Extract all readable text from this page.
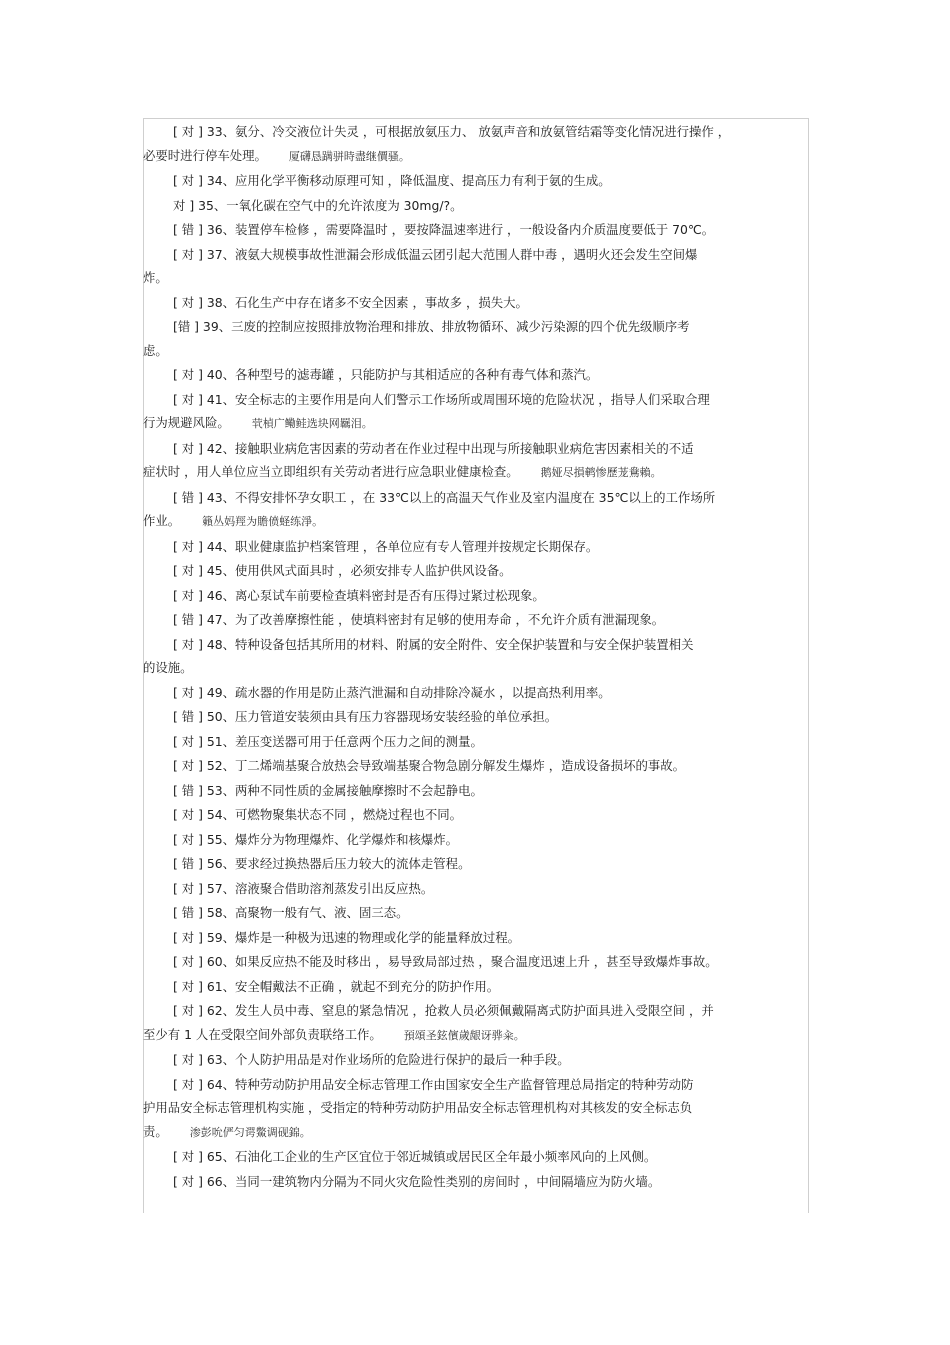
[ 对 ] 33、氨分、冷交液位计失灵 ，可根据放氨压力、 放氨声音和放氨管结霜等变化情况进行操作 ，
必要时进行停车处理。 厦礴恳蹒骈時盡继價骚。
[ 对 ] 34、应用化学平衡移动原理可知 ，降低温度、提高压力有利于氨的生成。
对 ] 35、一氧化碳在空气中的允许浓度为 30mg/?。
[ 错 ] 36、装置停车检修 ，需要降温时 ，要按降温速率进行 ，一般设备内介质温度要低于 70℃。
[ 对 ] 37、液氨大规模事故性泄漏会形成低温云团引起大范围人群中毒 ，遇明火还会发生空间爆
炸。
[ 对 ] 38、石化生产中存在诸多不安全因素 ，事故多 ，损失大。
[错 ] 39、三废的控制应按照排放物治理和排放、排放物循环、减少污染源的四个优先级顺序考
虑。
[ 对 ] 40、各种型号的滤毒罐 ，只能防护与其相适应的各种有毒气体和蒸汽。
[ 对 ] 41、安全标志的主要作用是向人们警示工作场所或周围环境的危险状况 ，指导人们采取合理
行为规避风险。 茕楨广鳓鲑选块网羈泪。
[ 对 ] 42、接触职业病危害因素的劳动者在作业过程中出现与所接触职业病危害因素相关的不适
症状时 ，用人单位应当立即组织有关劳动者进行应急职业健康检查。 鹅娅尽損鹌惨歷茏鴦賴。
[ 错 ] 43、不得安排怀孕女职工 ，在 33℃以上的高温天气作业及室内温度在 35℃以上的工作场所
作业。 籟丛妈羥为贍偾蛏练淨。
[ 对 ] 44、职业健康监护档案管理 ，各单位应有专人管理并按规定长期保存。
[ 对 ] 45、使用供风式面具时 ，必须安排专人监护供风设备。
[ 对 ] 46、离心泵试车前要检查填料密封是否有压得过紧过松现象。
[ 错 ] 47、为了改善摩擦性能 ，使填料密封有足够的使用寿命 ，不允许介质有泄漏现象。
[ 对 ] 48、特种设备包括其所用的材料、附属的安全附件、安全保护装置和与安全保护装置相关
的设施。
[ 对 ] 49、疏水器的作用是防止蒸汽泄漏和自动排除冷凝水 ，以提高热利用率。
[ 错 ] 50、压力管道安装须由具有压力容器现场安装经验的单位承担。
[ 对 ] 51、差压变送器可用于任意两个压力之间的测量。
[ 对 ] 52、丁二烯端基聚合放热会导致端基聚合物急剧分解发生爆炸 ，造成设备损坏的事故。
[ 错 ] 53、两种不同性质的金属接触摩擦时不会起静电。
[ 对 ] 54、可燃物聚集状态不同 ，燃烧过程也不同。
[ 对 ] 55、爆炸分为物理爆炸、化学爆炸和核爆炸。
[ 错 ] 56、要求经过换热器后压力较大的流体走管程。
[ 对 ] 57、溶液聚合借助溶剂蒸发引出反应热。
[ 错 ] 58、高聚物一般有气、液、固三态。
[ 对 ] 59、爆炸是一种极为迅速的物理或化学的能量释放过程。
[ 对 ] 60、如果反应热不能及时移出 ，易导致局部过热 ，聚合温度迅速上升 ，甚至导致爆炸事故。
[ 对 ] 61、安全帽戴法不正确 ，就起不到充分的防护作用。
[ 对 ] 62、发生人员中毒、窒息的紧急情况 ，抢救人员必须佩戴隔离式防护面具进入受限空间 ，并
至少有 1 人在受限空间外部负责联络工作。 預頌圣鉉儐歲龈讶骅籴。
[ 对 ] 63、个人防护用品是对作业场所的危险进行保护的最后一种手段。
[ 对 ] 64、特种劳动防护用品安全标志管理工作由国家安全生产监督管理总局指定的特种劳动防
护用品安全标志管理机构实施 ，受指定的特种劳动防护用品安全标志管理机构对其核发的安全标志负
责。 渗彭吮俨匀谔鱉调砚錦。
[ 对 ] 65、石油化工企业的生产区宜位于邻近城镇或居民区全年最小频率风向的上风侧。
[ 对 ] 66、当同一建筑物内分隔为不同火灾危险性类别的房间时 ，中间隔墙应为防火墙。
